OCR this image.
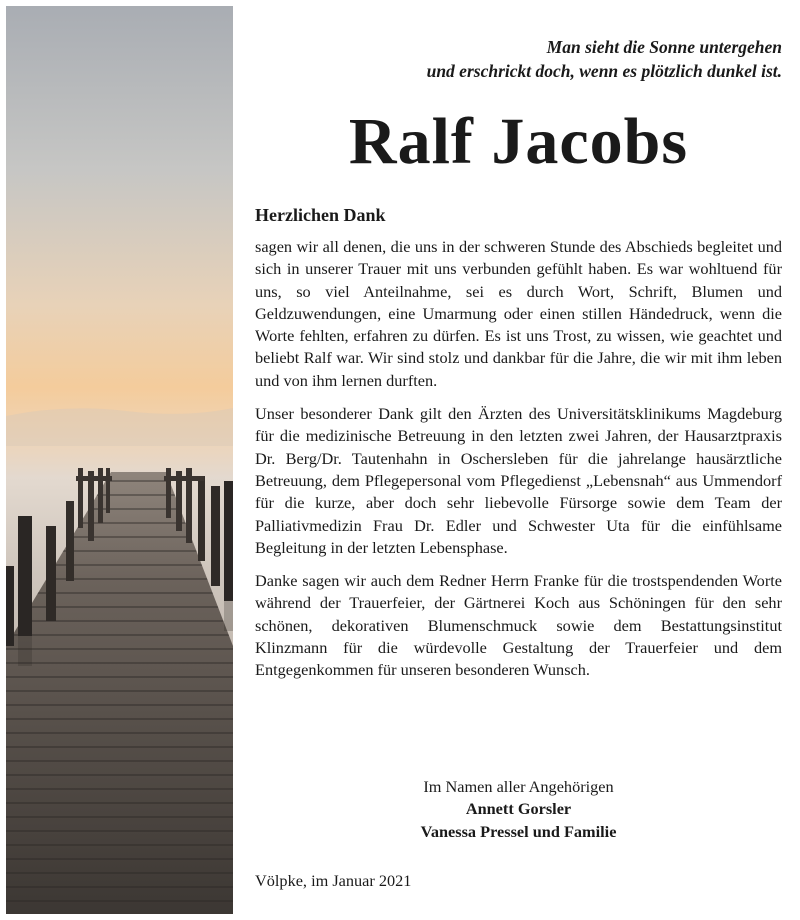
Man sieht die Sonne untergehen
und erschrickt doch, wenn es plötzlich dunkel ist.
Ralf Jacobs
Herzlichen Dank

sagen wir all denen, die uns in der schweren Stunde des Abschieds begleitet und sich in unserer Trauer mit uns verbunden gefühlt haben. Es war wohltuend für uns, so viel Anteilnahme, sei es durch Wort, Schrift, Blumen und Geldzuwendungen, eine Umarmung oder einen stillen Händedruck, wenn die Worte fehlten, erfahren zu dürfen. Es ist uns Trost, zu wissen, wie geachtet und beliebt Ralf war. Wir sind stolz und dankbar für die Jahre, die wir mit ihm leben und von ihm lernen durften.

Unser besonderer Dank gilt den Ärzten des Universitätsklinikums Magdeburg für die medizinische Betreuung in den letzten zwei Jahren, der Hausarztpraxis Dr. Berg/Dr. Tautenhahn in Oschersleben für die jahrelange hausärztliche Betreuung, dem Pflegepersonal vom Pflegedienst „Lebensnah“ aus Ummendorf für die kurze, aber doch sehr liebevolle Fürsorge sowie dem Team der Palliativmedizin Frau Dr. Edler und Schwester Uta für die einfühlsame Begleitung in der letzten Lebensphase.

Danke sagen wir auch dem Redner Herrn Franke für die trostspendenden Worte während der Trauerfeier, der Gärtnerei Koch aus Schöningen für den sehr schönen, dekorativen Blumenschmuck sowie dem Bestattungsinstitut Klinzmann für die würdevolle Gestaltung der Trauerfeier und dem Entgegenkommen für unseren besonderen Wunsch.

Im Namen aller Angehörigen
Annett Gorsler
Vanessa Pressel und Familie
Völpke, im Januar 2021
